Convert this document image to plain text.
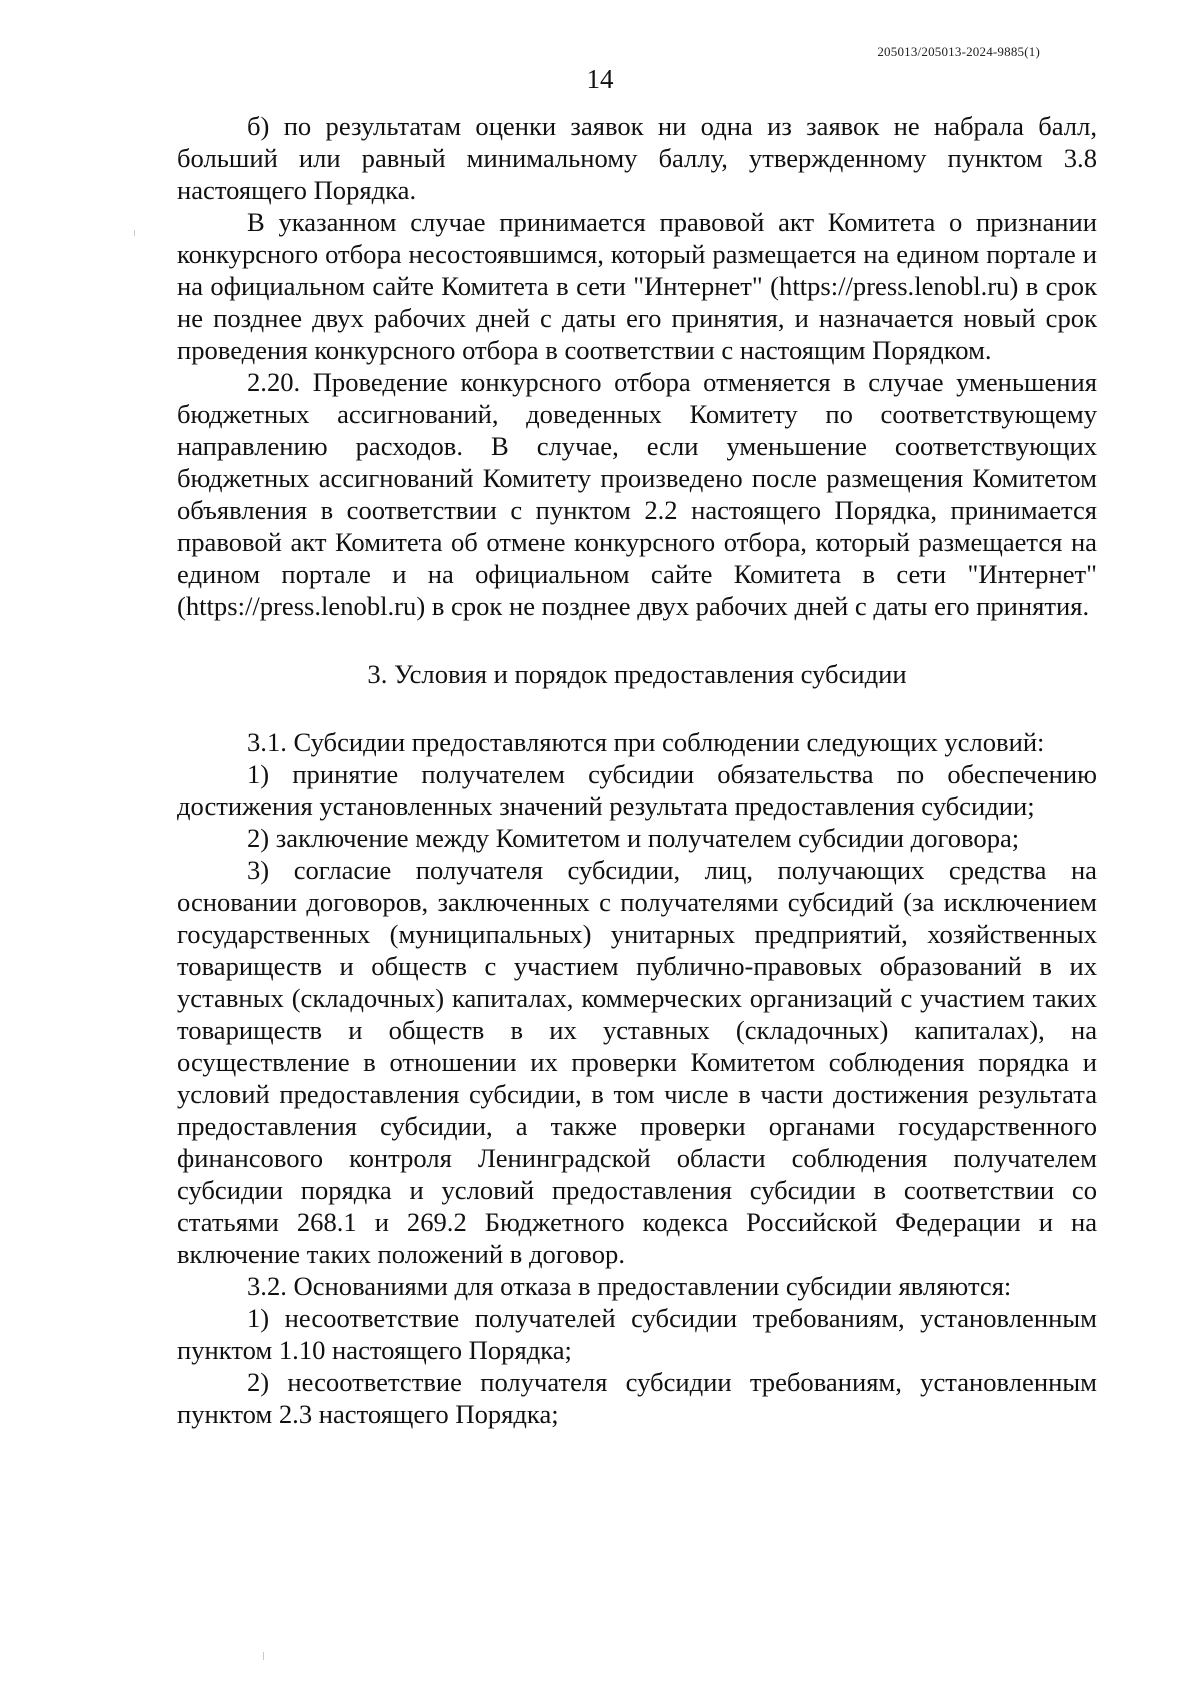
205013/205013-2024-9885(1)
14

б) по результатам оценки заявок ни одна из заявок не набрала балл, больший или равный минимальному баллу, утвержденному пунктом 3.8 настоящего Порядка.

В указанном случае принимается правовой акт Комитета о признании конкурсного отбора несостоявшимся, который размещается на едином портале и на официальном сайте Комитета в сети "Интернет" (https://press.lenobl.ru) в срок не позднее двух рабочих дней с даты его принятия, и назначается новый срок проведения конкурсного отбора в соответствии с настоящим Порядком.

2.20. Проведение конкурсного отбора отменяется в случае уменьшения бюджетных ассигнований, доведенных Комитету по соответствующему направлению расходов. В случае, если уменьшение соответствующих бюджетных ассигнований Комитету произведено после размещения Комитетом объявления в соответствии с пунктом 2.2 настоящего Порядка, принимается правовой акт Комитета об отмене конкурсного отбора, который размещается на едином портале и на официальном сайте Комитета в сети "Интернет" (https://press.lenobl.ru) в срок не позднее двух рабочих дней с даты его принятия.

3. Условия и порядок предоставления субсидии

3.1. Субсидии предоставляются при соблюдении следующих условий:

1) принятие получателем субсидии обязательства по обеспечению достижения установленных значений результата предоставления субсидии;

2) заключение между Комитетом и получателем субсидии договора;

3) согласие получателя субсидии, лиц, получающих средства на основании договоров, заключенных с получателями субсидий (за исключением государственных (муниципальных) унитарных предприятий, хозяйственных товариществ и обществ с участием публично-правовых образований в их уставных (складочных) капиталах, коммерческих организаций с участием таких товариществ и обществ в их уставных (складочных) капиталах), на осуществление в отношении их проверки Комитетом соблюдения порядка и условий предоставления субсидии, в том числе в части достижения результата предоставления субсидии, а также проверки органами государственного финансового контроля Ленинградской области соблюдения получателем субсидии порядка и условий предоставления субсидии в соответствии со статьями 268.1 и 269.2 Бюджетного кодекса Российской Федерации и на включение таких положений в договор.

3.2. Основаниями для отказа в предоставлении субсидии являются:

1) несоответствие получателей субсидии требованиям, установленным пунктом 1.10 настоящего Порядка;

2) несоответствие получателя субсидии требованиям, установленным пунктом 2.3 настоящего Порядка;
